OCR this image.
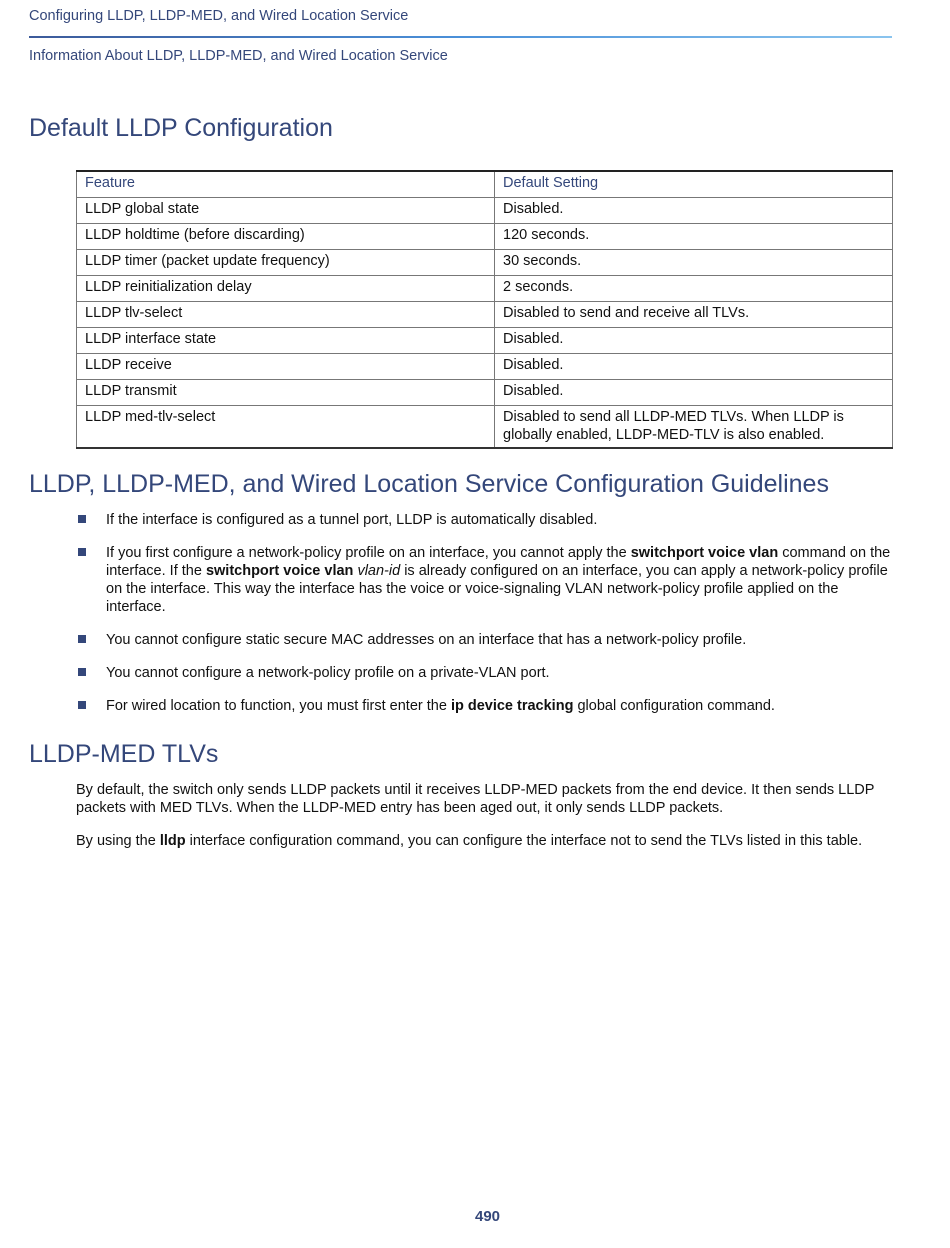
Configuring LLDP, LLDP-MED, and Wired Location Service
Information About LLDP, LLDP-MED, and Wired Location Service
Default LLDP Configuration
Feature	Default Setting
LLDP global state	Disabled.
LLDP holdtime (before discarding)	120 seconds.
LLDP timer (packet update frequency)	30 seconds.
LLDP reinitialization delay	2 seconds.
LLDP tlv-select	Disabled to send and receive all TLVs.
LLDP interface state	Disabled.
LLDP receive	Disabled.
LLDP transmit	Disabled.
LLDP med-tlv-select	Disabled to send all LLDP-MED TLVs. When LLDP is globally enabled, LLDP-MED-TLV is also enabled.
LLDP, LLDP-MED, and Wired Location Service Configuration Guidelines
If the interface is configured as a tunnel port, LLDP is automatically disabled.
If you first configure a network-policy profile on an interface, you cannot apply the switchport voice vlan command on the interface. If the switchport voice vlan vlan-id is already configured on an interface, you can apply a network-policy profile on the interface. This way the interface has the voice or voice-signaling VLAN network-policy profile applied on the interface.
You cannot configure static secure MAC addresses on an interface that has a network-policy profile.
You cannot configure a network-policy profile on a private-VLAN port.
For wired location to function, you must first enter the ip device tracking global configuration command.
LLDP-MED TLVs

By default, the switch only sends LLDP packets until it receives LLDP-MED packets from the end device. It then sends LLDP packets with MED TLVs. When the LLDP-MED entry has been aged out, it only sends LLDP packets.

By using the lldp interface configuration command, you can configure the interface not to send the TLVs listed in this table.

490
